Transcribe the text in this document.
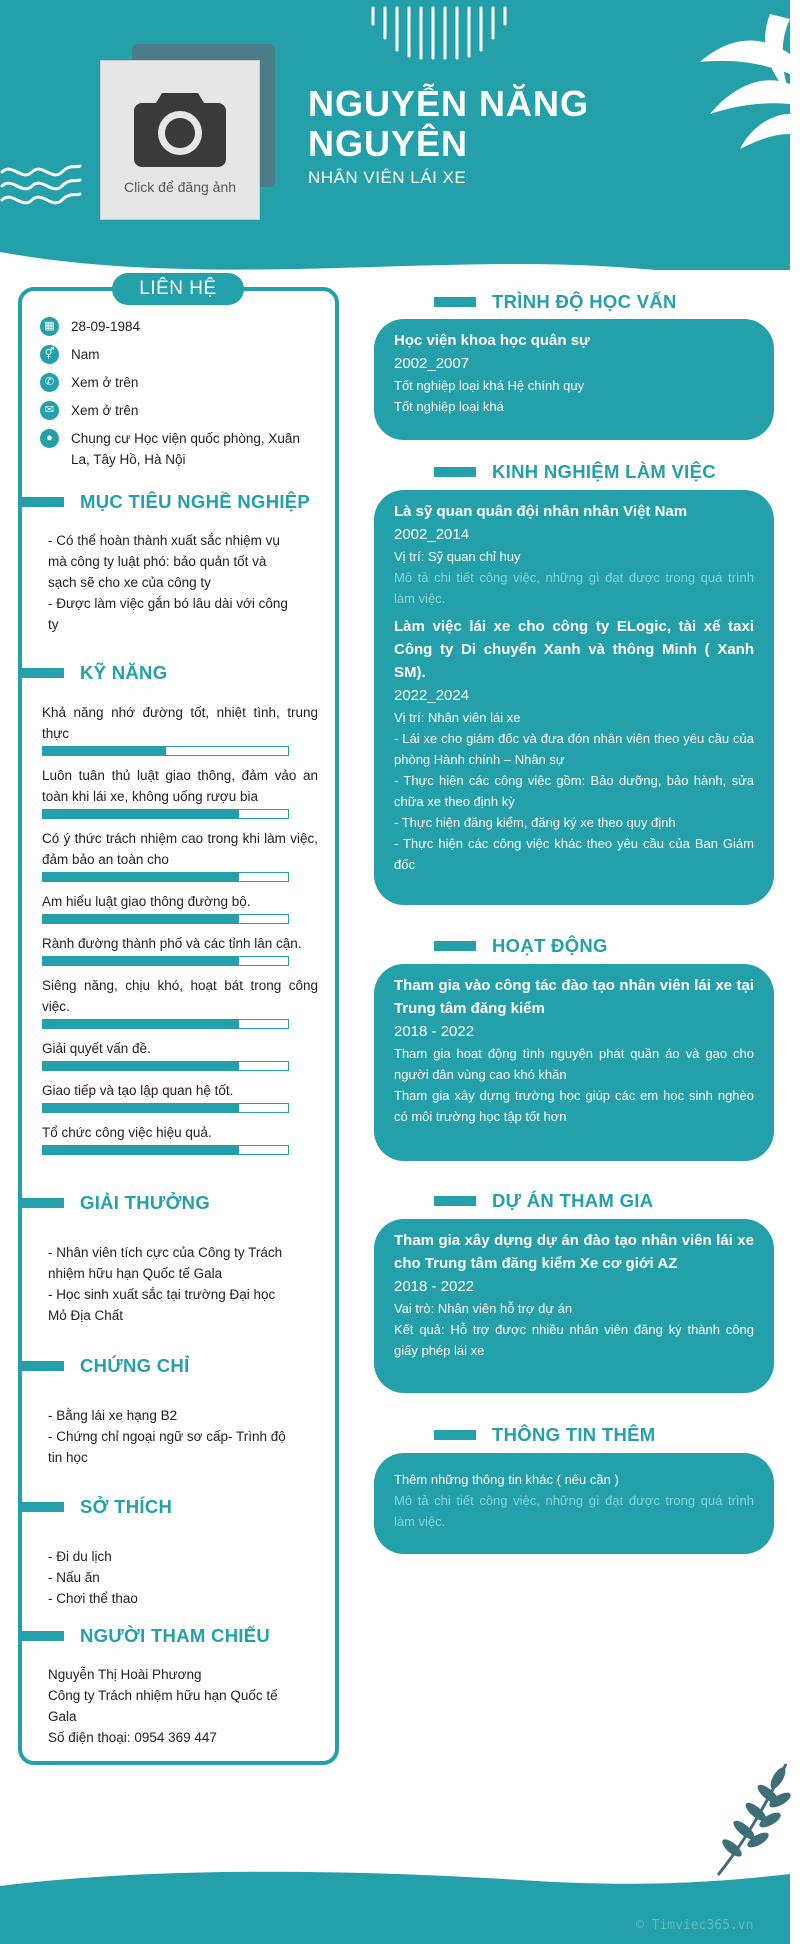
Click để đăng ảnh
NGUYỄN NĂNG NGUYÊN
NHÂN VIÊN LÁI XE
LIÊN HỆ
▦	28-09-1984
⚥	Nam
✆	Xem ở trên
✉	Xem ở trên
●	Chung cư Học viện quốc phòng, Xuân La, Tây Hồ, Hà Nội
MỤC TIÊU NGHỀ NGHIỆP
- Có thể hoàn thành xuất sắc nhiệm vụ mà công ty luật phó: bảo quản tốt và sạch sẽ cho xe của công ty
- Được làm việc gắn bó lâu dài với công ty
KỸ NĂNG
Khả năng nhớ đường tốt, nhiệt tình, trung thực
Luôn tuân thủ luật giao thông, đảm vảo an toàn khi lái xe, không uống rượu bia
Có ý thức trách nhiệm cao trong khi làm việc, đảm bảo an toàn cho
Am hiểu luật giao thông đường bộ.
Rành đường thành phố và các tỉnh lân cận.
Siêng năng, chịu khó, hoạt bát trong công việc.
Giải quyết vấn đề.
Giao tiếp và tạo lập quan hệ tốt.
Tổ chức công việc hiệu quả.
GIẢI THƯỞNG
- Nhân viên tích cực của Công ty Trách nhiệm hữu hạn Quốc tế Gala
- Học sinh xuất sắc tại trường Đại học Mỏ Địa Chất
CHỨNG CHỈ
- Bằng lái xe hạng B2
- Chứng chỉ ngoại ngữ sơ cấp- Trình độ tin học
SỞ THÍCH
- Đi du lịch
- Nấu ăn
- Chơi thể thao
NGƯỜI THAM CHIẾU
Nguyễn Thị Hoài Phương
Công ty Trách nhiệm hữu hạn Quốc tế Gala
Số điện thoại: 0954 369 447
TRÌNH ĐỘ HỌC VẤN
Học viện khoa học quân sự
2002_2007
Tốt nghiệp loại khá Hệ chính quy
Tốt nghiệp loại khá
KINH NGHIỆM LÀM VIỆC
Là sỹ quan quân đội nhân nhân Việt Nam
2002_2014
Vị trí: Sỹ quan chỉ huy
Mô tả chi tiết công việc, những gì đạt được trong quá trình làm việc.
Làm việc lái xe cho công ty ELogic, tài xế taxi Công ty Di chuyển Xanh và thông Minh ( Xanh SM).
2022_2024
Vị trí: Nhân viên lái xe
- Lái xe cho giám đốc và đưa đón nhân viên theo yêu cầu của phòng Hành chính – Nhân sự
- Thực hiện các công việc gồm: Bảo dưỡng, bảo hành, sửa chữa xe theo định kỳ
- Thực hiện đăng kiểm, đăng ký xe theo quy định
- Thực hiện các công việc khác theo yêu cầu của Ban Giám đốc
HOẠT ĐỘNG
Tham gia vào công tác đào tạo nhân viên lái xe tại Trung tâm đăng kiểm
2018 - 2022
Tham gia hoạt động tình nguyện phát quần áo và gạo cho người dân vùng cao khó khăn
Tham gia xây dựng trường học giúp các em học sinh nghèo có môi trường học tập tốt hơn
DỰ ÁN THAM GIA
Tham gia xây dựng dự án đào tạo nhân viên lái xe cho Trung tâm đăng kiểm Xe cơ giới AZ
2018 - 2022
Vai trò: Nhân viên hỗ trợ dự án
Kết quả: Hỗ trợ được nhiều nhân viên đăng ký thành công giấy phép lái xe
THÔNG TIN THÊM
Thêm những thông tin khác ( nếu cần )
Mô tả chi tiết công việc, những gì đạt được trong quá trình làm việc.
© Timviec365.vn
